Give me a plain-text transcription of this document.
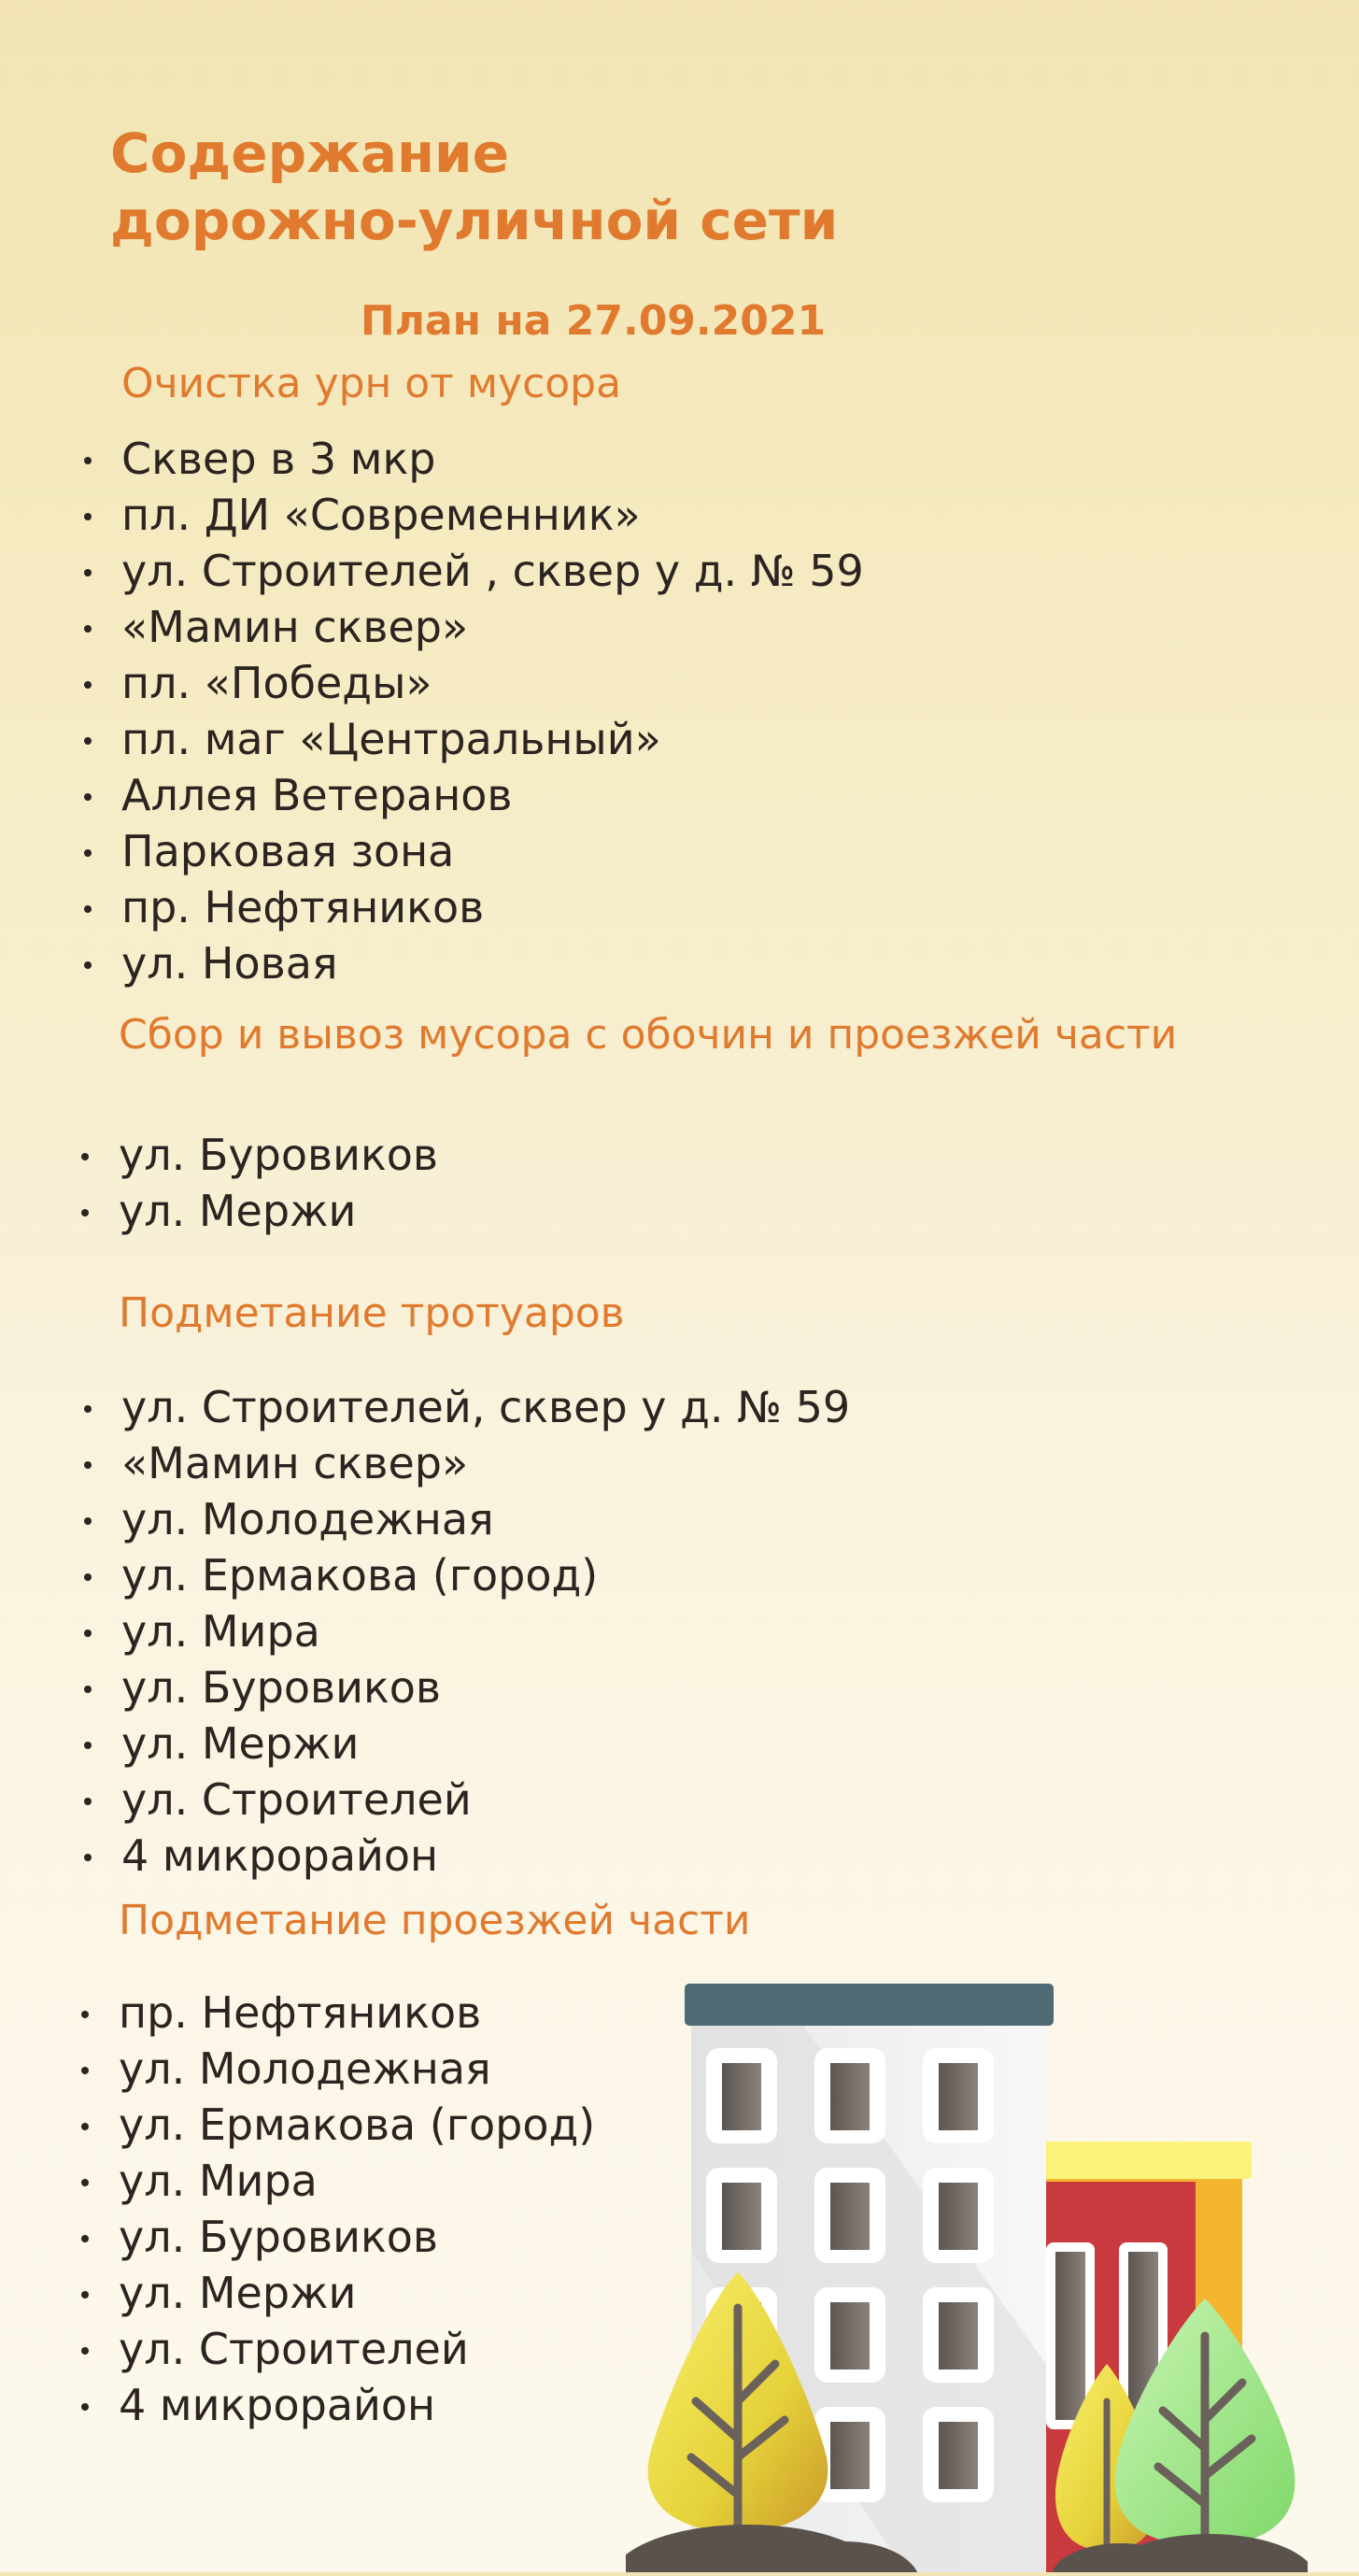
Содержание
дорожно-уличной сети
План на 27.09.2021
Очистка урн от мусора
Сквер в 3 мкр
пл. ДИ «Современник»
ул. Строителей , сквер у д. № 59
«Мамин сквер»
пл. «Победы»
пл. маг «Центральный»
Аллея Ветеранов
Парковая зона
пр. Нефтяников
ул. Новая
Сбор и вывоз мусора с обочин и проезжей части
ул. Буровиков
ул. Мержи
Подметание тротуаров
ул. Строителей, сквер у д. № 59
«Мамин сквер»
ул. Молодежная
ул. Ермакова (город)
ул. Мира
ул. Буровиков
ул. Мержи
ул. Строителей
4 микрорайон
Подметание проезжей части
пр. Нефтяников
ул. Молодежная
ул. Ермакова (город)
ул. Мира
ул. Буровиков
ул. Мержи
ул. Строителей
4 микрорайон
